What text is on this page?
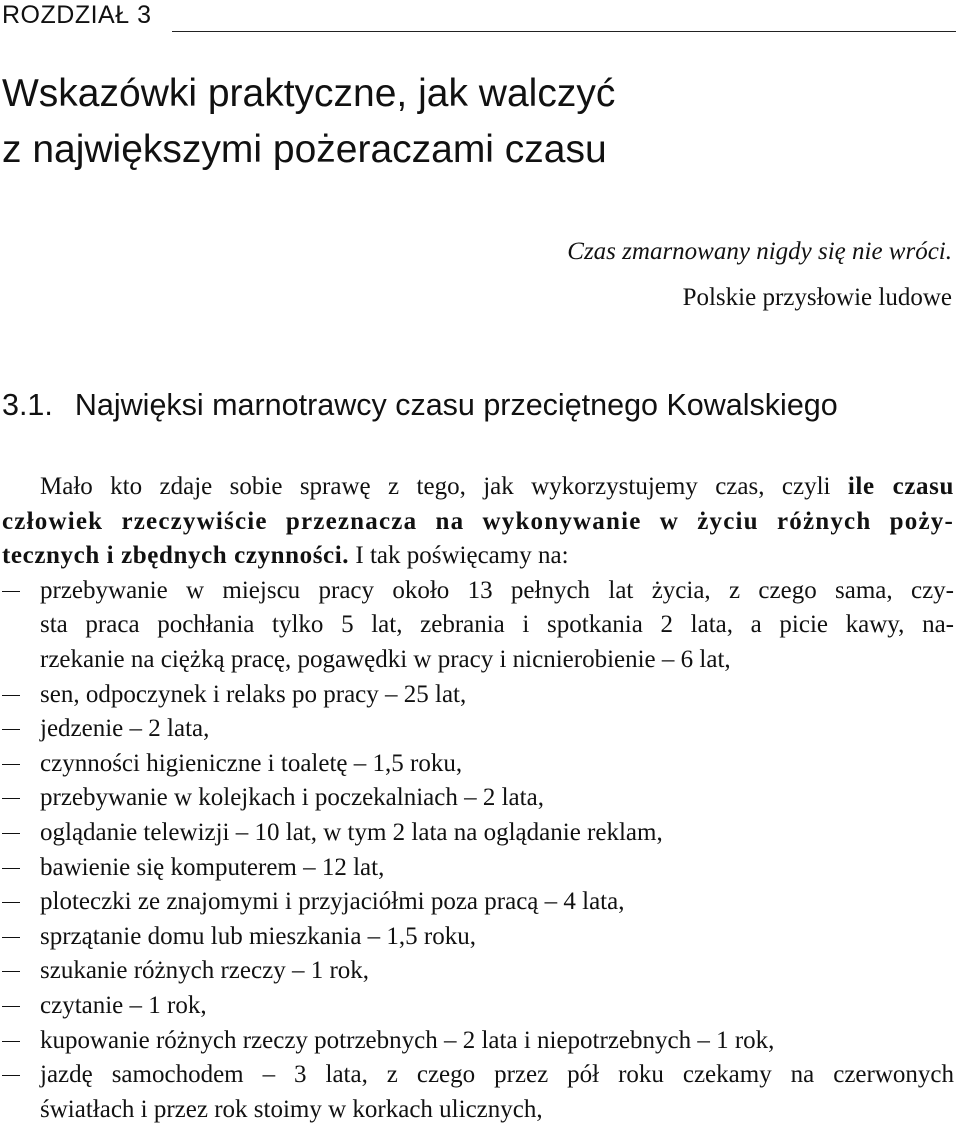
ROZDZIAŁ 3
Wskazówki praktyczne, jak walczyć
z największymi pożeraczami czasu
Czas zmarnowany nigdy się nie wróci.
Polskie przysłowie ludowe
3.1. Najwięksi marnotrawcy czasu przeciętnego Kowalskiego
Mało kto zdaje sobie sprawę z tego, jak wykorzystujemy czas, czyli ile czasu
człowiek rzeczywiście przeznacza na wykonywanie w życiu różnych poży-
tecznych i zbędnych czynności. I tak poświęcamy na:
przebywanie w miejscu pracy około 13 pełnych lat życia, z czego sama, czy-
sta praca pochłania tylko 5 lat, zebrania i spotkania 2 lata, a picie kawy, na-
rzekanie na ciężką pracę, pogawędki w pracy i nicnierobienie – 6 lat,
sen, odpoczynek i relaks po pracy – 25 lat,
jedzenie – 2 lata,
czynności higieniczne i toaletę – 1,5 roku,
przebywanie w kolejkach i poczekalniach – 2 lata,
oglądanie telewizji – 10 lat, w tym 2 lata na oglądanie reklam,
bawienie się komputerem – 12 lat,
ploteczki ze znajomymi i przyjaciółmi poza pracą – 4 lata,
sprzątanie domu lub mieszkania – 1,5 roku,
szukanie różnych rzeczy – 1 rok,
czytanie – 1 rok,
kupowanie różnych rzeczy potrzebnych – 2 lata i niepotrzebnych – 1 rok,
jazdę samochodem – 3 lata, z czego przez pół roku czekamy na czerwonych
światłach i przez rok stoimy w korkach ulicznych,
